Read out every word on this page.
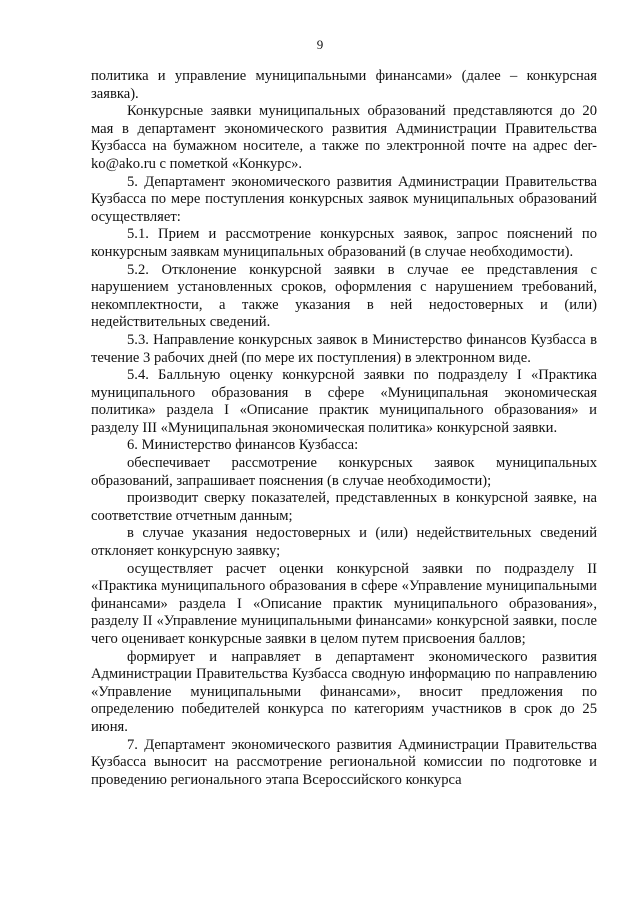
9

политика и управление муниципальными финансами» (далее – конкурсная заявка).

Конкурсные заявки муниципальных образований представляются до 20 мая в департамент экономического развития Администрации Правительства Кузбасса на бумажном носителе, а также по электронной почте на адрес der-ko@ako.ru с пометкой «Конкурс».

5. Департамент экономического развития Администрации Правительства Кузбасса по мере поступления конкурсных заявок муниципальных образований осуществляет:

5.1. Прием и рассмотрение конкурсных заявок, запрос пояснений по конкурсным заявкам муниципальных образований (в случае необходимости).

5.2. Отклонение конкурсной заявки в случае ее представления с нарушением установленных сроков, оформления с нарушением требований, некомплектности, а также указания в ней недостоверных и (или) недействительных сведений.

5.3. Направление конкурсных заявок в Министерство финансов Кузбасса в течение 3 рабочих дней (по мере их поступления) в электронном виде.

5.4. Балльную оценку конкурсной заявки по подразделу I «Практика муниципального образования в сфере «Муниципальная экономическая политика» раздела I «Описание практик муниципального образования» и разделу III «Муниципальная экономическая политика» конкурсной заявки.

6. Министерство финансов Кузбасса:

обеспечивает рассмотрение конкурсных заявок муниципальных образований, запрашивает пояснения (в случае необходимости);

производит сверку показателей, представленных в конкурсной заявке, на соответствие отчетным данным;

в случае указания недостоверных и (или) недействительных сведений отклоняет конкурсную заявку;

осуществляет расчет оценки конкурсной заявки по подразделу II «Практика муниципального образования в сфере «Управление муниципальными финансами» раздела I «Описание практик муниципального образования», разделу II «Управление муниципальными финансами» конкурсной заявки, после чего оценивает конкурсные заявки в целом путем присвоения баллов;

формирует и направляет в департамент экономического развития Администрации Правительства Кузбасса сводную информацию по направлению «Управление муниципальными финансами», вносит предложения по определению победителей конкурса по категориям участников в срок до 25 июня.

7. Департамент экономического развития Администрации Правительства Кузбасса выносит на рассмотрение региональной комиссии по подготовке и проведению регионального этапа Всероссийского конкурса
